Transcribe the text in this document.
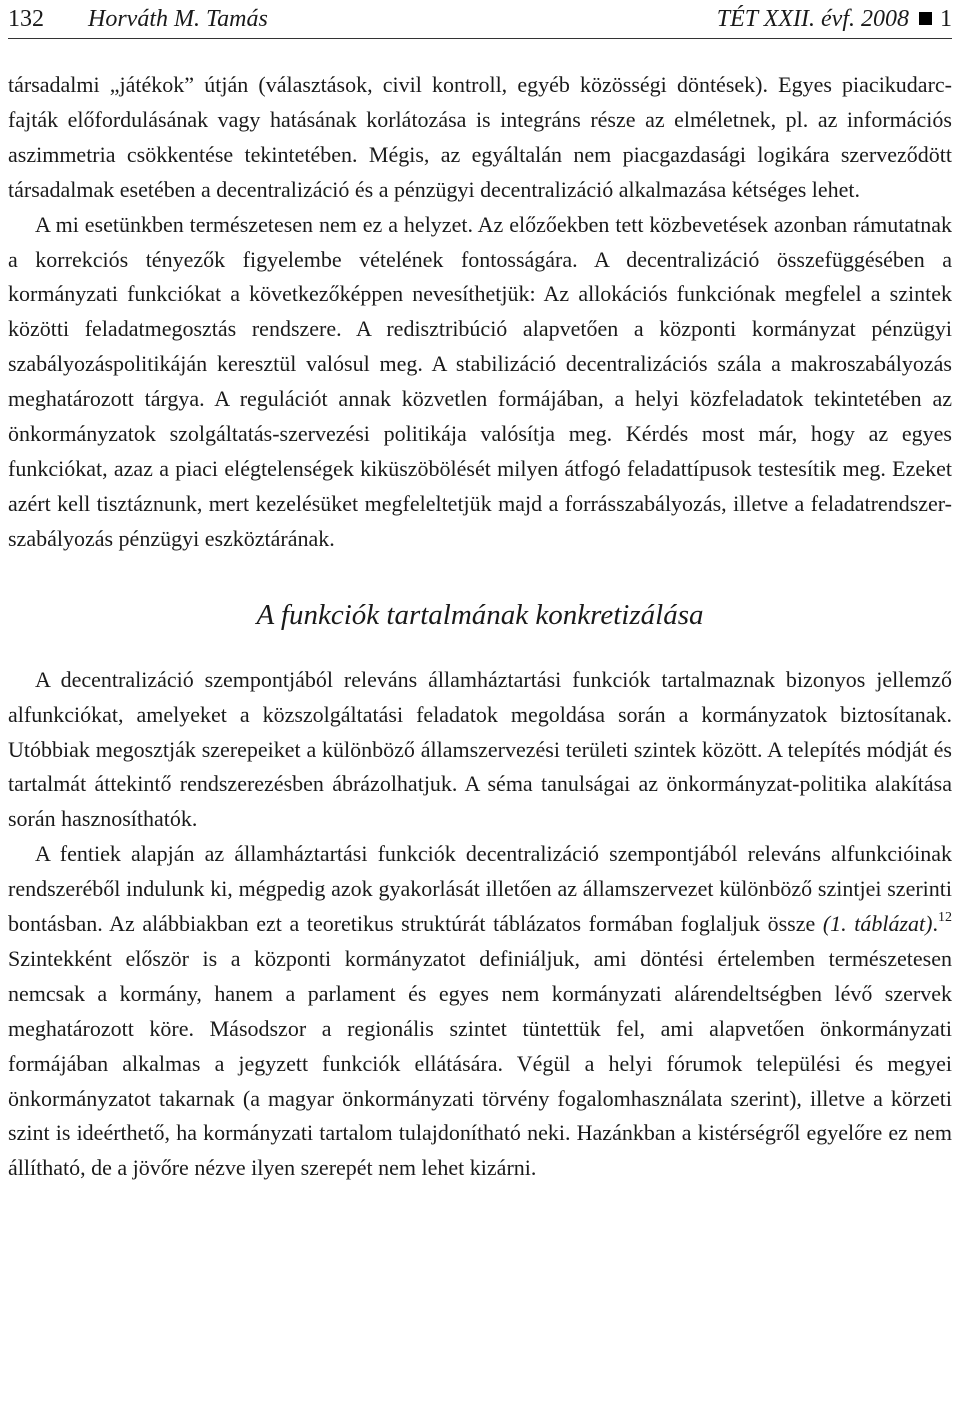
132 Horváth M. Tamás	TÉT XXII. évf. 2008 1

társadalmi „játékok” útján (választások, civil kontroll, egyéb közösségi döntések). Egyes piacikudarc-fajták előfordulásának vagy hatásának korlátozása is integráns része az elméletnek, pl. az információs aszimmetria csökkentése tekintetében. Mégis, az egyáltalán nem piacgazdasági logikára szerveződött társadalmak esetében a decentralizáció és a pénzügyi decentralizáció alkalmazása kétséges lehet.

A mi esetünkben természetesen nem ez a helyzet. Az előzőekben tett közbevetések azonban rámutatnak a korrekciós tényezők figyelembe vételének fontosságára. A decentralizáció összefüggésében a kormányzati funkciókat a következőképpen nevesíthetjük: Az allokációs funkciónak megfelel a szintek közötti feladatmegosztás rendszere. A redisztribúció alapvetően a központi kormányzat pénzügyi szabályozáspolitikáján keresztül valósul meg. A stabilizáció decentralizációs szála a makroszabályozás meghatározott tárgya. A regulációt annak közvetlen formájában, a helyi közfeladatok tekintetében az önkormányzatok szolgáltatás-szervezési politikája valósítja meg. Kérdés most már, hogy az egyes funkciókat, azaz a piaci elégtelenségek kiküszöbölését milyen átfogó feladattípusok testesítik meg. Ezeket azért kell tisztáznunk, mert kezelésüket megfeleltetjük majd a forrásszabályozás, illetve a feladatrendszer-szabályozás pénzügyi eszköztárának.

A funkciók tartalmának konkretizálása

A decentralizáció szempontjából releváns államháztartási funkciók tartalmaznak bizonyos jellemző alfunkciókat, amelyeket a közszolgáltatási feladatok megoldása során a kormányzatok biztosítanak. Utóbbiak megosztják szerepeiket a különböző államszervezési területi szintek között. A telepítés módját és tartalmát áttekintő rendszerezésben ábrázolhatjuk. A séma tanulságai az önkormányzat-politika alakítása során hasznosíthatók.

A fentiek alapján az államháztartási funkciók decentralizáció szempontjából releváns alfunkcióinak rendszeréből indulunk ki, mégpedig azok gyakorlását illetően az államszervezet különböző szintjei szerinti bontásban. Az alábbiakban ezt a teoretikus struktúrát táblázatos formában foglaljuk össze (1. táblázat).$^{12}$ Szintekként először is a központi kormányzatot definiáljuk, ami döntési értelemben természetesen nemcsak a kormány, hanem a parlament és egyes nem kormányzati alárendeltségben lévő szervek meghatározott köre. Másodszor a regionális szintet tüntettük fel, ami alapvetően önkormányzati formájában alkalmas a jegyzett funkciók ellátására. Végül a helyi fórumok települési és megyei önkormányzatot takarnak (a magyar önkormányzati törvény fogalomhasználata szerint), illetve a körzeti szint is ideérthető, ha kormányzati tartalom tulajdonítható neki. Hazánkban a kistérségről egyelőre ez nem állítható, de a jövőre nézve ilyen szerepét nem lehet kizárni.
